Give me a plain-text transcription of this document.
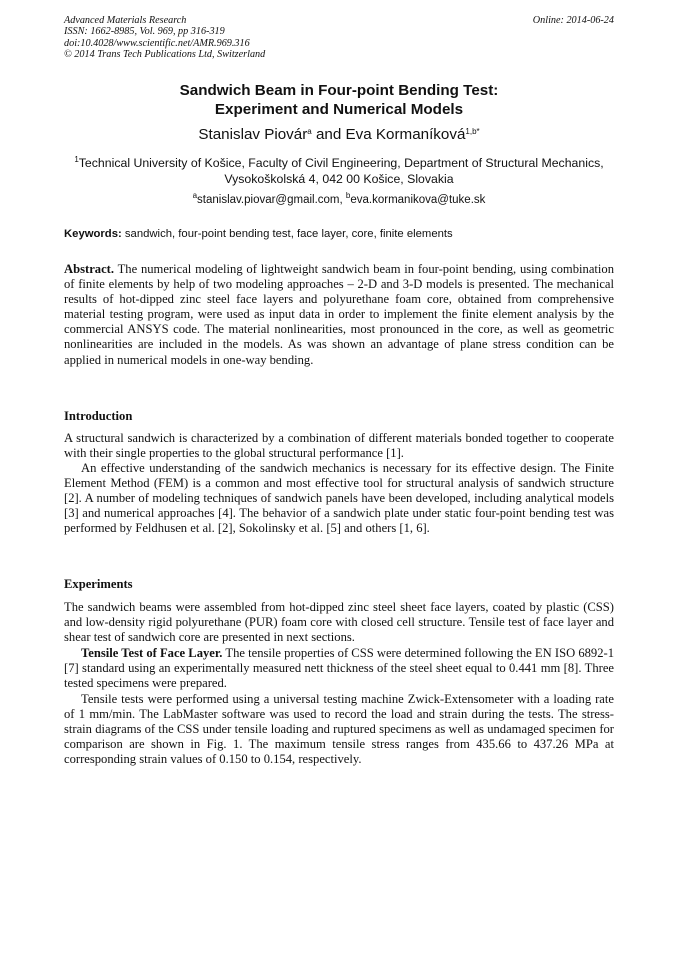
Advanced Materials Research
ISSN: 1662-8985, Vol. 969, pp 316-319
doi:10.4028/www.scientific.net/AMR.969.316
© 2014 Trans Tech Publications Ltd, Switzerland
Online: 2014-06-24
Sandwich Beam in Four-point Bending Test:
Experiment and Numerical Models
Stanislav Piovár$^a$ and Eva Kormaníková$^{1,b*}$
$^1$Technical University of Košice, Faculty of Civil Engineering, Department of Structural Mechanics,
Vysokoškolská 4, 042 00 Košice, Slovakia
$^a$stanislav.piovar@gmail.com, $^b$eva.kormanikova@tuke.sk
Keywords: sandwich, four-point bending test, face layer, core, finite elements
Abstract. The numerical modeling of lightweight sandwich beam in four-point bending, using combination of finite elements by help of two modeling approaches – 2-D and 3-D models is presented. The mechanical results of hot-dipped zinc steel face layers and polyurethane foam core, obtained from comprehensive material testing program, were used as input data in order to implement the finite element analysis by the commercial ANSYS code. The material nonlinearities, most pronounced in the core, as well as geometric nonlinearities are included in the models. As was shown an advantage of plane stress condition can be applied in numerical models in one-way bending.
Introduction
A structural sandwich is characterized by a combination of different materials bonded together to cooperate with their single properties to the global structural performance [1].
An effective understanding of the sandwich mechanics is necessary for its effective design. The Finite Element Method (FEM) is a common and most effective tool for structural analysis of sandwich structure [2]. A number of modeling techniques of sandwich panels have been developed, including analytical models [3] and numerical approaches [4]. The behavior of a sandwich plate under static four-point bending test was performed by Feldhusen et al. [2], Sokolinsky et al. [5] and others [1, 6].
Experiments
The sandwich beams were assembled from hot-dipped zinc steel sheet face layers, coated by plastic (CSS) and low-density rigid polyurethane (PUR) foam core with closed cell structure. Tensile test of face layer and shear test of sandwich core are presented in next sections.
Tensile Test of Face Layer. The tensile properties of CSS were determined following the EN ISO 6892-1 [7] standard using an experimentally measured nett thickness of the steel sheet equal to 0.441 mm [8]. Three tested specimens were prepared.
Tensile tests were performed using a universal testing machine Zwick-Extensometer with a loading rate of 1 mm/min. The LabMaster software was used to record the load and strain during the tests. The stress-strain diagrams of the CSS under tensile loading and ruptured specimens as well as undamaged specimen for comparison are shown in Fig. 1. The maximum tensile stress ranges from 435.66 to 437.26 MPa at corresponding strain values of 0.150 to 0.154, respectively.
